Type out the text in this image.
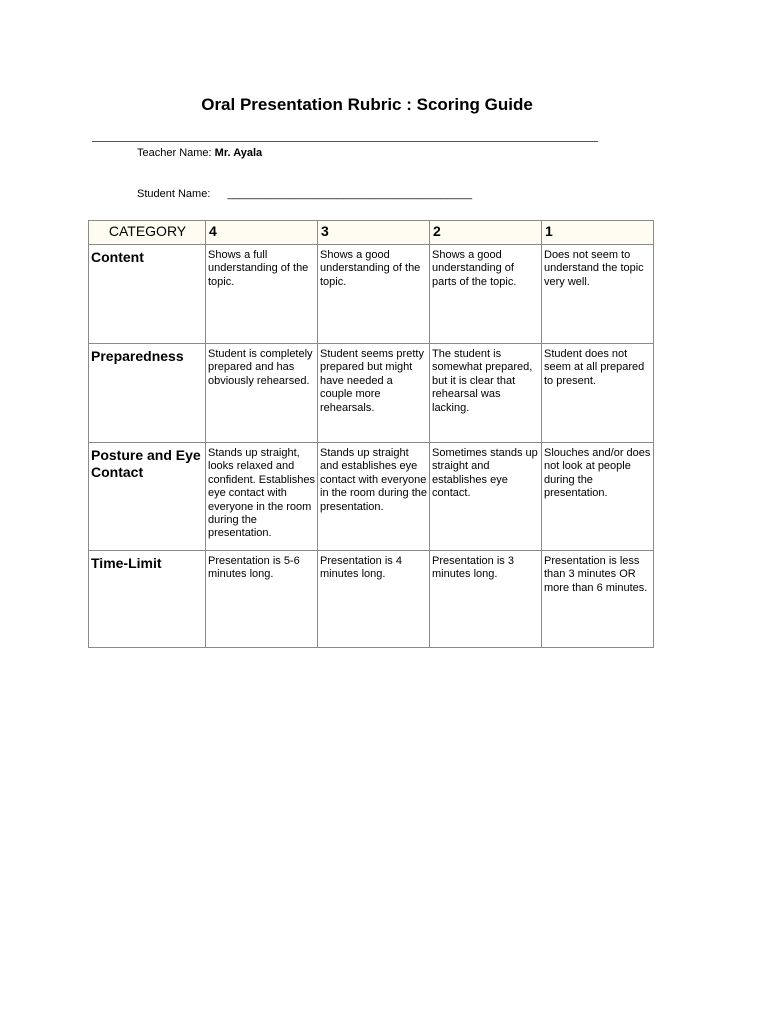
Oral Presentation Rubric : Scoring Guide
Teacher Name: Mr. Ayala
Student Name: ________________________________________
CATEGORY	4	3	2	1

Content	Shows a full understanding of the topic.	Shows a good understanding of the topic.	Shows a good understanding of parts of the topic.	Does not seem to understand the topic very well.

Preparedness	Student is completely prepared and has obviously rehearsed.	Student seems pretty prepared but might have needed a couple more rehearsals.	The student is somewhat prepared, but it is clear that rehearsal was lacking.	Student does not seem at all prepared to present.

Posture and Eye Contact	Stands up straight, looks relaxed and confident. Establishes eye contact with everyone in the room during the presentation.	Stands up straight and establishes eye contact with everyone in the room during the presentation.	Sometimes stands up straight and establishes eye contact.	Slouches and/or does not look at people during the presentation.

Time-Limit	Presentation is 5-6 minutes long.	Presentation is 4 minutes long.	Presentation is 3 minutes long.	Presentation is less than 3 minutes OR more than 6 minutes.
